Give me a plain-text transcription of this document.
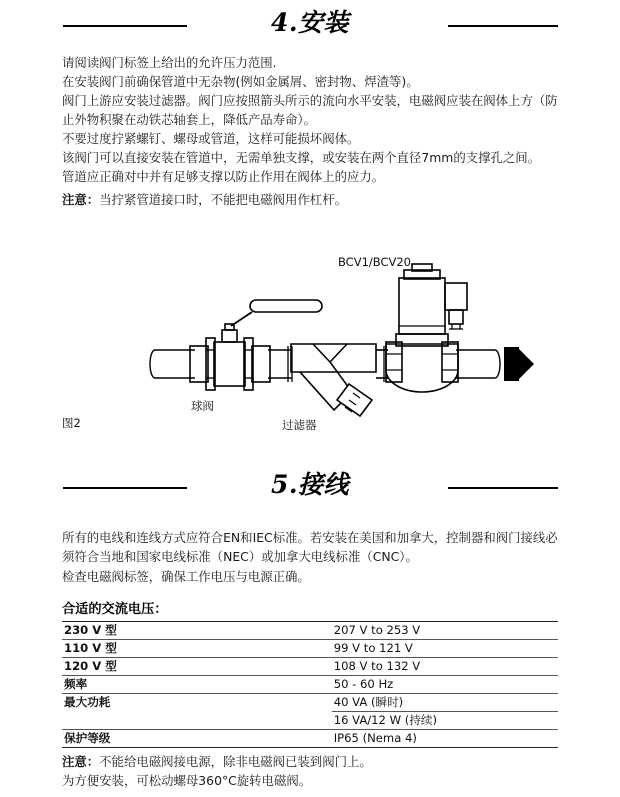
4.安装

请阅读阀门标签上给出的允许压力范围.

在安装阀门前确保管道中无杂物(例如金属屑、密封物、焊渣等)。

阀门上游应安装过滤器。阀门应按照箭头所示的流向水平安装，电磁阀应装在阀体上方（防止外物积聚在动铁芯轴套上，降低产品寿命）。

不要过度拧紧螺钉、螺母或管道，这样可能损坏阀体。

该阀门可以直接安装在管道中，无需单独支撑，或安装在两个直径7mm的支撑孔之间。

管道应正确对中并有足够支撑以防止作用在阀体上的应力。

注意：当拧紧管道接口时，不能把电磁阀用作杠杆。

BCV1/BCV20
球阀
过滤器
图2
5.接线

所有的电线和连线方式应符合EN和IEC标准。若安装在美国和加拿大，控制器和阀门接线必须符合当地和国家电线标准（NEC）或加拿大电线标准（CNC）。

检查电磁阀标签，确保工作电压与电源正确。

合适的交流电压：
230 V 型	207 V to 253 V
110 V 型	99 V to 121 V
120 V 型	108 V to 132 V
频率	50 - 60 Hz
最大功耗	40 VA (瞬时)
	16 VA/12 W (持续)
保护等级	IP65 (Nema 4)

注意：不能给电磁阀接电源，除非电磁阀已装到阀门上。

为方便安装，可松动螺母360°C旋转电磁阀。
